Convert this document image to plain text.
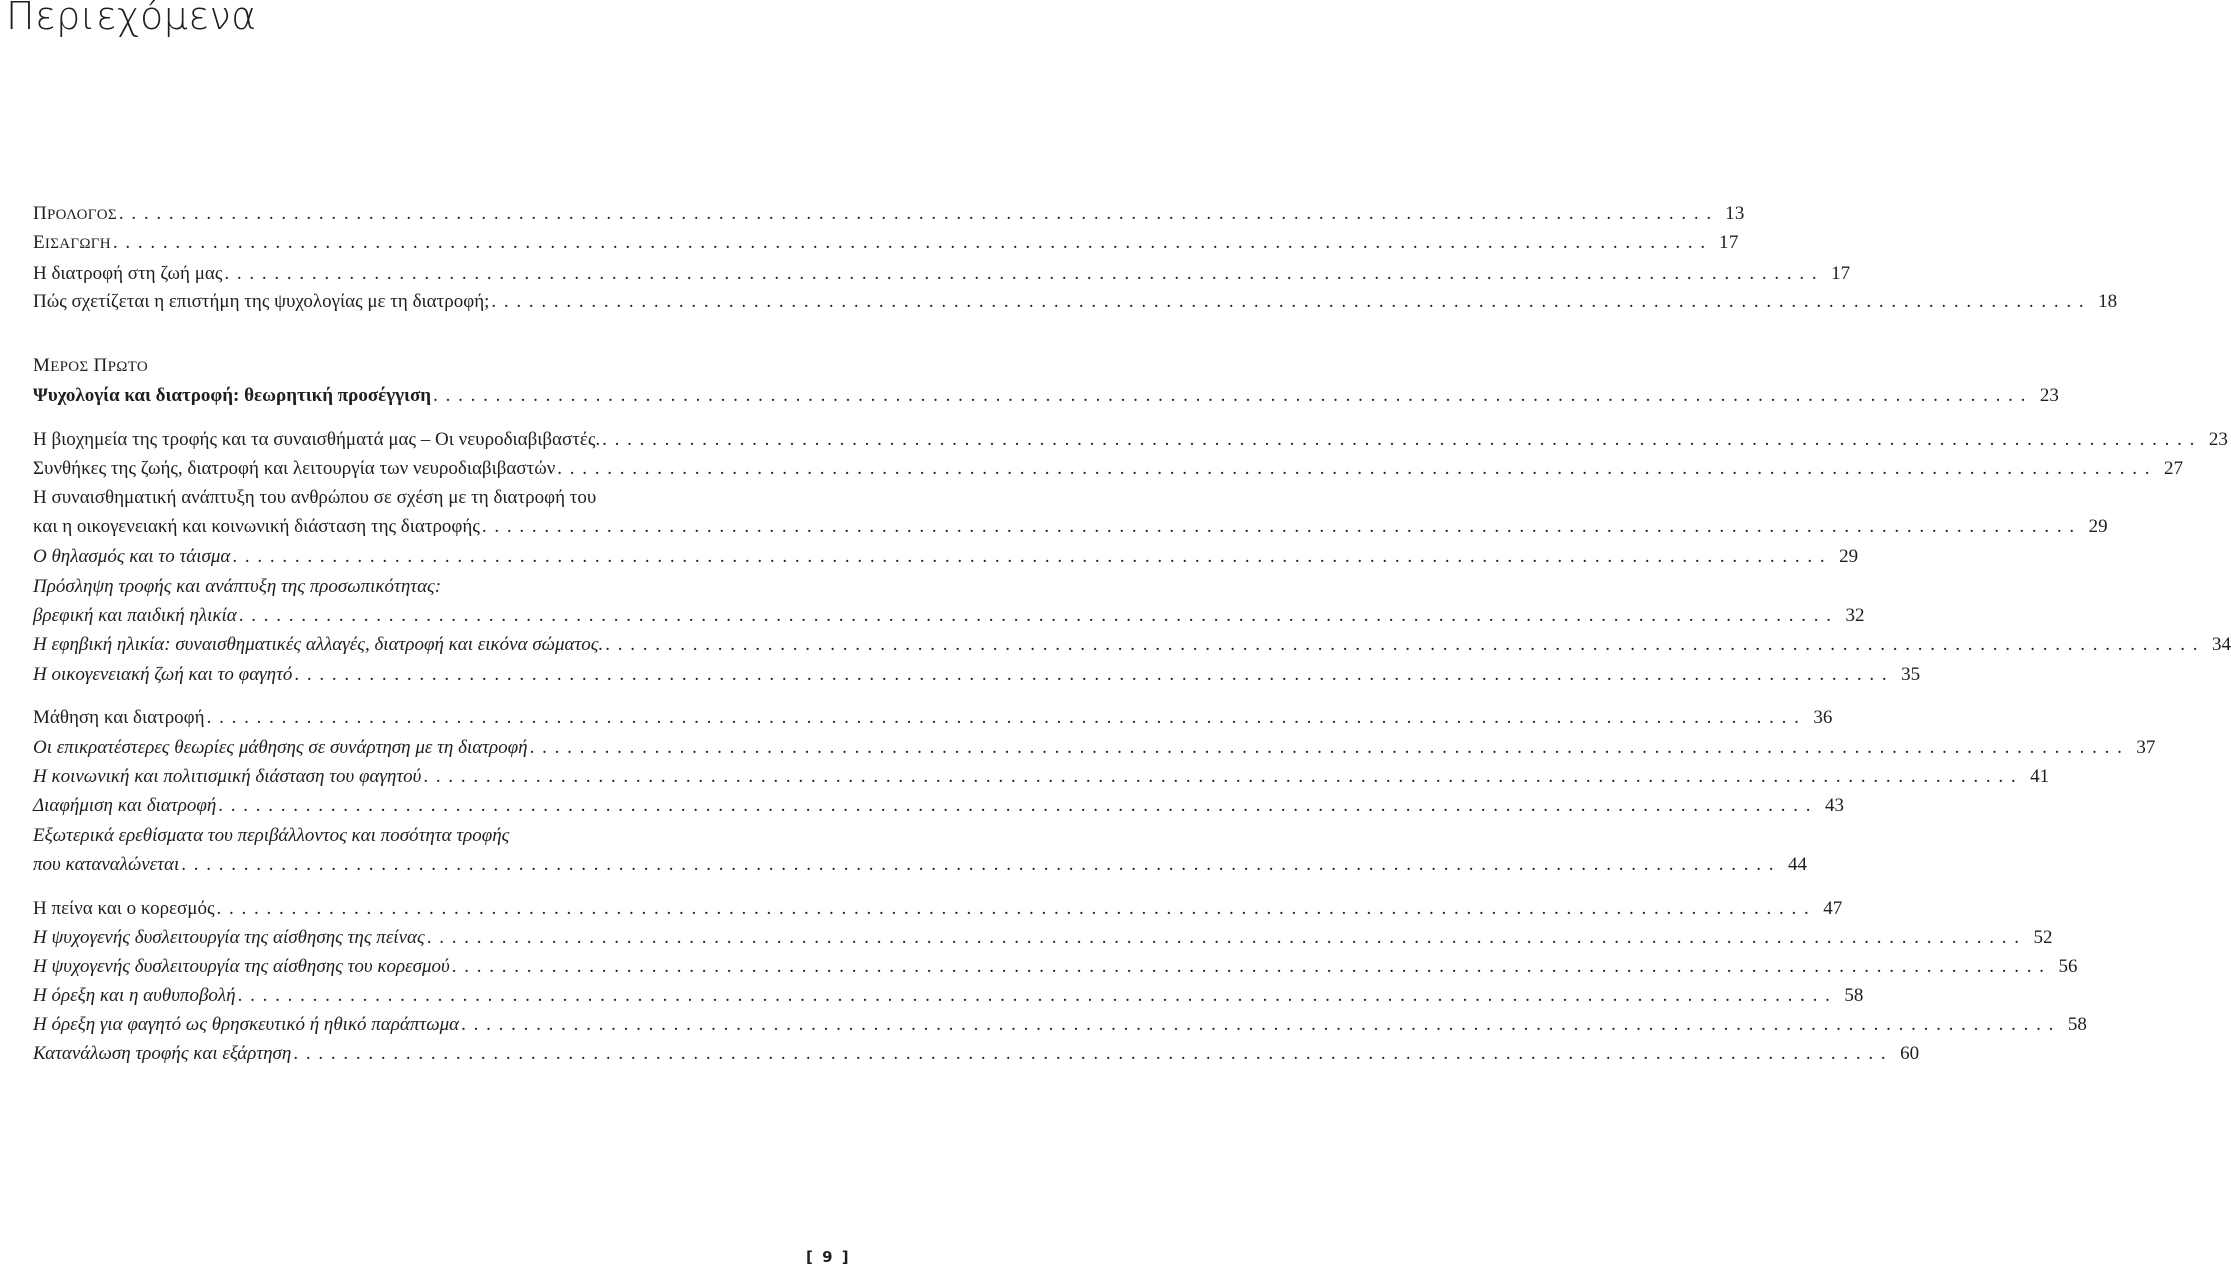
Περιεχόμενα
ΠΡΟΛΟΓΟΣ . . .	13
ΕΙΣΑΓΩΓΗ . . .	17
Η διατροφή στη ζωή μας . . .	17
Πώς σχετίζεται η επιστήμη της ψυχολογίας με τη διατροφή; . . .	18
ΜΕΡΟΣ ΠΡΩΤΟ
Ψυχολογία και διατροφή: θεωρητική προσέγγιση . . .	23
Η βιοχημεία της τροφής και τα συναισθήματά μας – Οι νευροδιαβιβαστές. . . .	23
Συνθήκες της ζωής, διατροφή και λειτουργία των νευροδιαβιβαστών . . .	27
Η συναισθηματική ανάπτυξη του ανθρώπου σε σχέση με τη διατροφή του
και η οικογενειακή και κοινωνική διάσταση της διατροφής . . .	29
Ο θηλασμός και το τάισμα . . .	29
Πρόσληψη τροφής και ανάπτυξη της προσωπικότητας:
βρεφική και παιδική ηλικία . . .	32
Η εφηβική ηλικία: συναισθηματικές αλλαγές, διατροφή και εικόνα σώματος. . . .	34
Η οικογενειακή ζωή και το φαγητό . . .	35
Μάθηση και διατροφή . . .	36
Οι επικρατέστερες θεωρίες μάθησης σε συνάρτηση με τη διατροφή . . .	37
Η κοινωνική και πολιτισμική διάσταση του φαγητού . . .	41
Διαφήμιση και διατροφή . . .	43
Εξωτερικά ερεθίσματα του περιβάλλοντος και ποσότητα τροφής
που καταναλώνεται . . .	44
Η πείνα και ο κορεσμός . . .	47
Η ψυχογενής δυσλειτουργία της αίσθησης της πείνας . . .	52
Η ψυχογενής δυσλειτουργία της αίσθησης του κορεσμού . . .	56
Η όρεξη και η αυθυποβολή . . .	58
Η όρεξη για φαγητό ως θρησκευτικό ή ηθικό παράπτωμα . . .	58
Κατανάλωση τροφής και εξάρτηση . . .	60
[ 9 ]
